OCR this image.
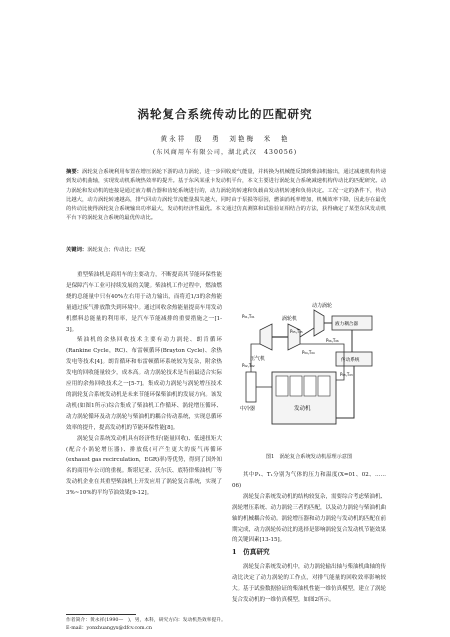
涡轮复合系统传动比的匹配研究
黄永祥　殷　勇　刘艳梅　米　艳
(东风商用车有限公司，湖北武汉　430056)
摘要：涡轮复合系统利用布置在增压涡轮下游的动力涡轮，进一步回收废气能量，并转换为机械能反馈到柴油机输出，通过减速机构传递到发动机曲轴，实现发动机系统热效率的提升。基于东风某重卡发动机平台，本文主要进行涡轮复合系统减速机构传动比的匹配研究。动力涡轮和发动机的连接是通过液力耦合器和齿轮系统进行的，动力涡轮的转速和负载由发动机转速和负荷决定。工况一定的条件下，传动比越大，动力涡轮转速越高，排气回动力涡轮节流能量损失越大，同时由于泵损等原因，燃油消耗率增加，机械效率下降，因此存在最优的传动比使得涡轮复合系统输出功率最大，发动机经济性最优。本文通过仿真测算和试验验证相结合的方法，获得确定了某型东风发动机平台下的涡轮复合系统的最优传动比。
关键词：涡轮复合；传动比；匹配

重型柴油机是商用车的主要动力，不断提高其节能环保性能是保障汽车工业可持续发展的关键。柴油机工作过程中，燃油燃烧的总能量中只有40%左右用于动力输出，而将近1/3的余热能量通过废气排放散失到环境中。通过回收余热能量提高车用发动机燃料总能量的利用率，是汽车节能减排的重要措施之一[1-3]。

柴油机的余热回收技术主要有动力涡轮、朗肯循环(Rankine Cycle，RC)、布雷顿循环(Brayton Cycle)、余热发电等技术[4]。朗肯循环和布雷顿循环系统较为复杂，附余热发电的回收能量较少，成本高。动力涡轮技术是当前最适合实际应用的余热回收技术之一[5-7]。集成动力涡轮与涡轮增压技术的涡轮复合系统发动机是未来节能环保柴油机的发展方向。该发动机(如图1所示)综合集成了柴油机工作循环、涡轮增压循环、动力涡轮循环及动力涡轮与柴油机的耦合传动系统，实现总循环效率的提升，提高发动机的节能环保性能[8]。

涡轮复合系统发动机具有经济性好(能量回收)、低速扭矩大(配合小涡轮增压器)、排放低(可产生更大的废气再循环(exhaust gas recirculation，EGR)率)等优势，得到了国外知名的商用车公司的重视。斯堪尼亚、沃尔沃、底特律柴油机厂等发动机企业在其重型柴油机上开发应用了涡轮复合系统，实现了3%~10%的平均节油效果[9-12]。

压气机
涡轮机
动力涡轮
液力耦合器
传动系统
中冷器	发动机
P₀₁,T₀₁
P₀₂,T₀₂
P₀₃,T₀₃
P₀₄,T₀₄
P₀₅,T₀₅
P₀₆,T₀₆
图1　涡轮复合系统发动机原理示意图

其中P₁、T₁分别为气体的压力和温度(X=01、02、……06)

涡轮复合系统发动机的结构较复杂，需要综合考虑柴油机、涡轮增压系统、动力涡轮三者的匹配，以及动力涡轮与柴油机曲轴的机械耦合传动。涡轮增压器和动力涡轮与发动机的匹配在前期完成，动力涡轮传动比的选择是影响涡轮复合发动机节能效果的关键因素[13-15]。

1　仿真研究

涡轮复合系统发动机中，动力涡轮输出轴与柴油机曲轴的传动比决定了动力涡轮的工作点，对排气能量的回收效率影响较大。基于试验数据验证的柴油机性能一维仿真模型，建立了涡轮复合发动机的一维仿真模型，如图2所示。

作者简介：黄永祥(1990—　)，男，本科，研究方向：发动机热效率提升。
E-mail：yonxhuangyx@dfcv.com.cn
